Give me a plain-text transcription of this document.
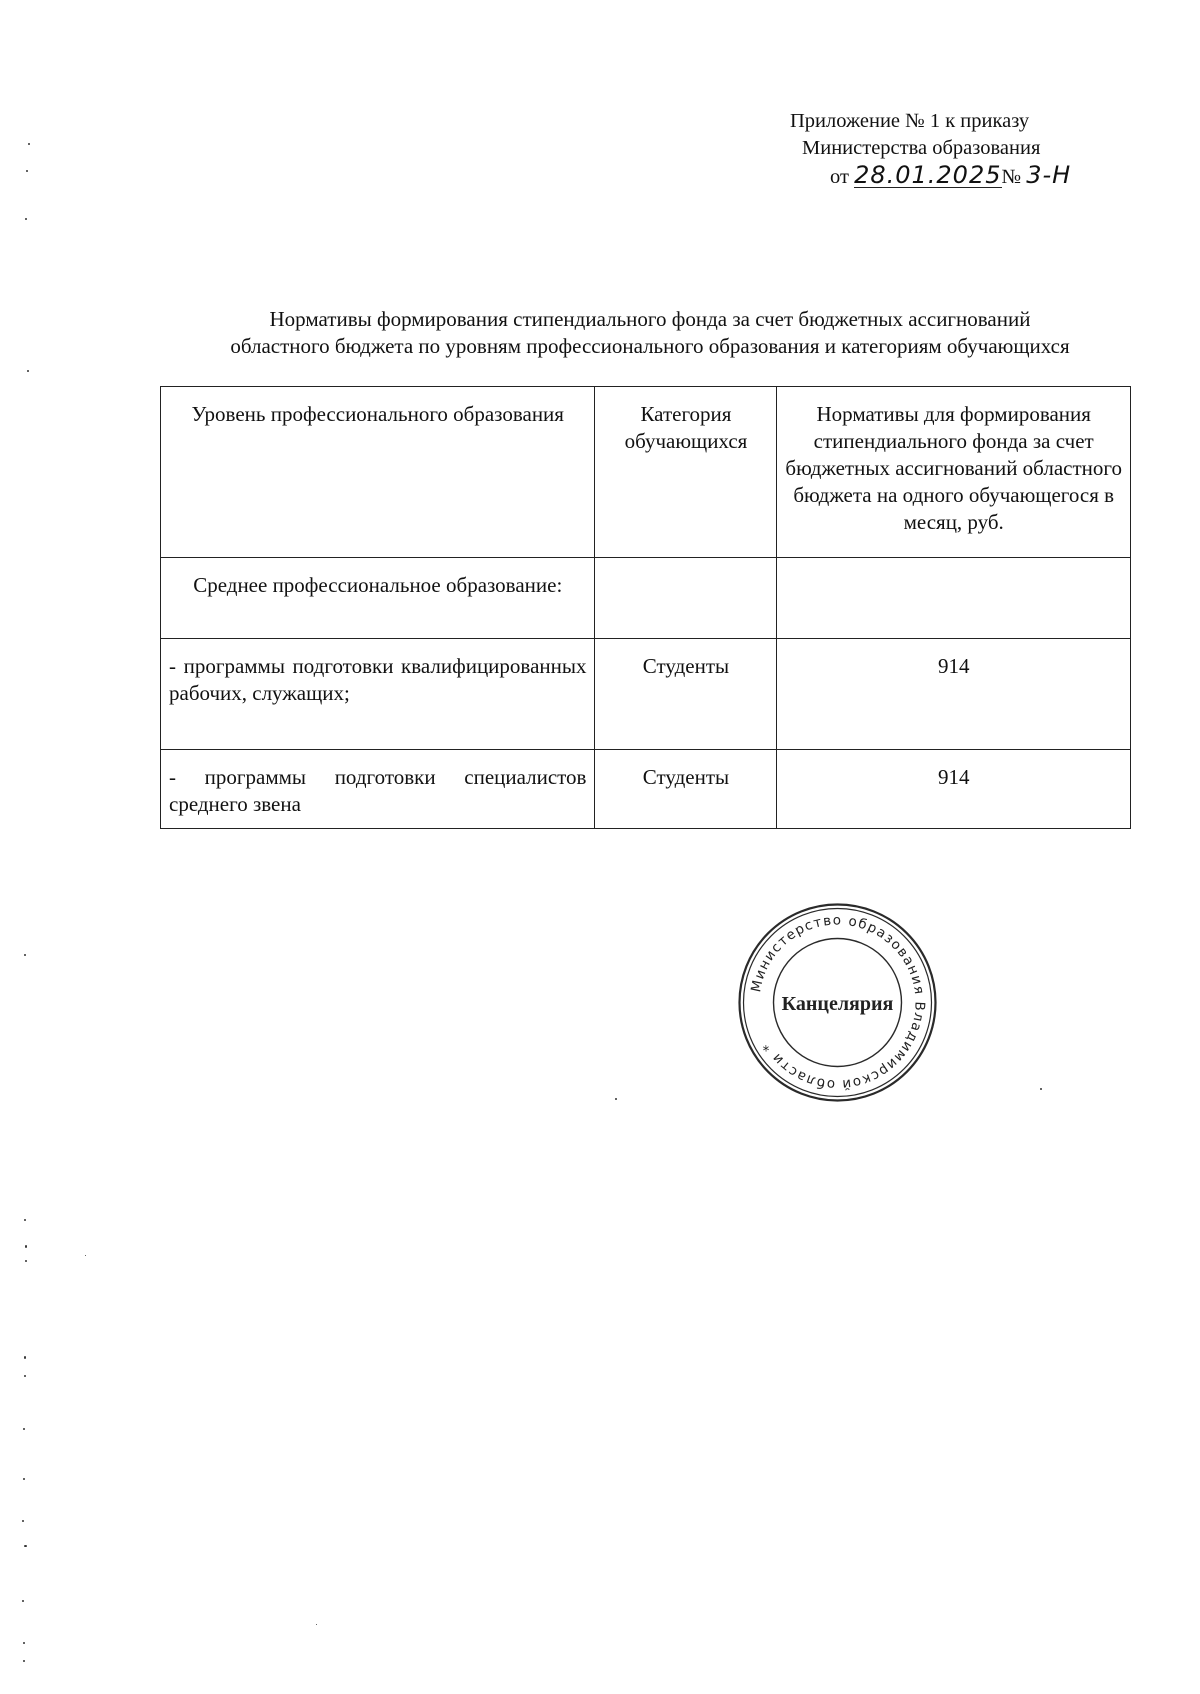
Приложение № 1 к приказу
Министерства образования
от 28.01.2025№ 3-Н
Нормативы формирования стипендиального фонда за счет бюджетных ассигнований
областного бюджета по уровням профессионального образования и категориям обучающихся
Уровень профессионального образования	Категория обучающихся	Нормативы для формирования стипендиального фонда за счет бюджетных ассигнований областного бюджета на одного обучающегося в месяц, руб.
Среднее профессиональное образование:		
- программы подготовки квалифицированных рабочих, служащих;	Студенты	914
- программы подготовки специалистов среднего звена	Студенты	914
Министерство образования Владимирской области *
Канцелярия
